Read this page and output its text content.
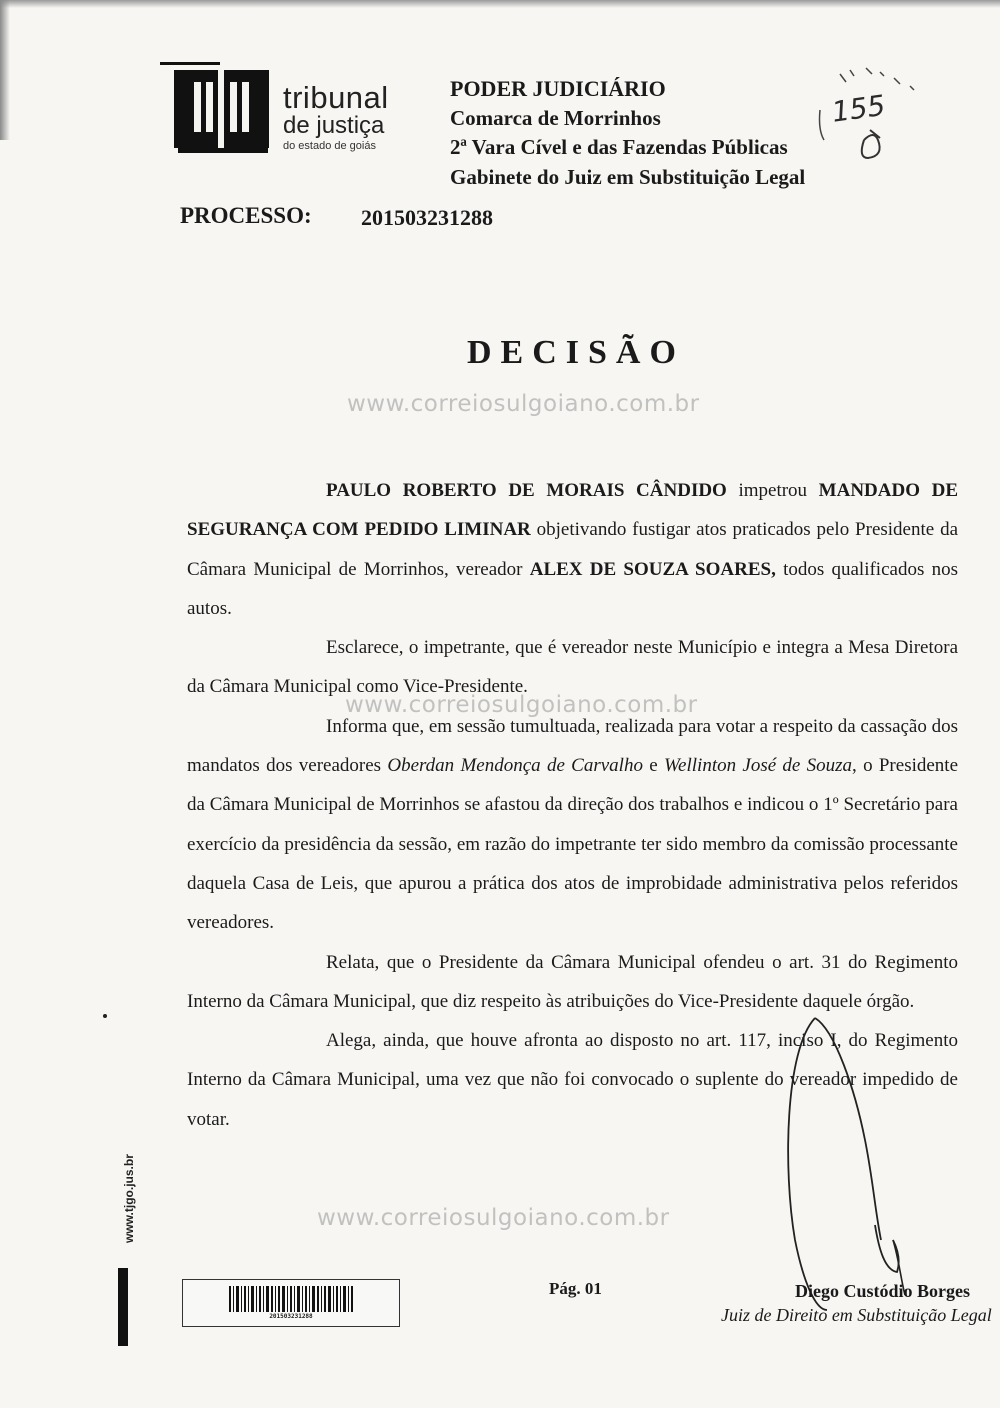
tribunal
de justiça
do estado de goiás
PODER JUDICIÁRIO
Comarca de Morrinhos
2ª Vara Cível e das Fazendas Públicas
Gabinete do Juiz em Substituição Legal
155
PROCESSO: 201503231288
DECISÃO
www.correiosulgoiano.com.br
www.correiosulgoiano.com.br
www.correiosulgoiano.com.br

PAULO ROBERTO DE MORAIS CÂNDIDO impetrou MANDADO DE SEGURANÇA COM PEDIDO LIMINAR objetivando fustigar atos praticados pelo Presidente da Câmara Municipal de Morrinhos, vereador ALEX DE SOUZA SOARES, todos qualificados nos autos.

Esclarece, o impetrante, que é vereador neste Município e integra a Mesa Diretora da Câmara Municipal como Vice-Presidente.

Informa que, em sessão tumultuada, realizada para votar a respeito da cassação dos mandatos dos vereadores Oberdan Mendonça de Carvalho e Wellinton José de Souza, o Presidente da Câmara Municipal de Morrinhos se afastou da direção dos trabalhos e indicou o 1º Secretário para exercício da presidência da sessão, em razão do impetrante ter sido membro da comissão processante daquela Casa de Leis, que apurou a prática dos atos de improbidade administrativa pelos referidos vereadores.

Relata, que o Presidente da Câmara Municipal ofendeu o art. 31 do Regimento Interno da Câmara Municipal, que diz respeito às atribuições do Vice-Presidente daquele órgão.

Alega, ainda, que houve afronta ao disposto no art. 117, inciso I, do Regimento Interno da Câmara Municipal, uma vez que não foi convocado o suplente do vereador impedido de votar.

www.tjgo.jus.br
201503231288
Pág. 01	Diego Custódio Borges
Juiz de Direito em Substituição Legal
